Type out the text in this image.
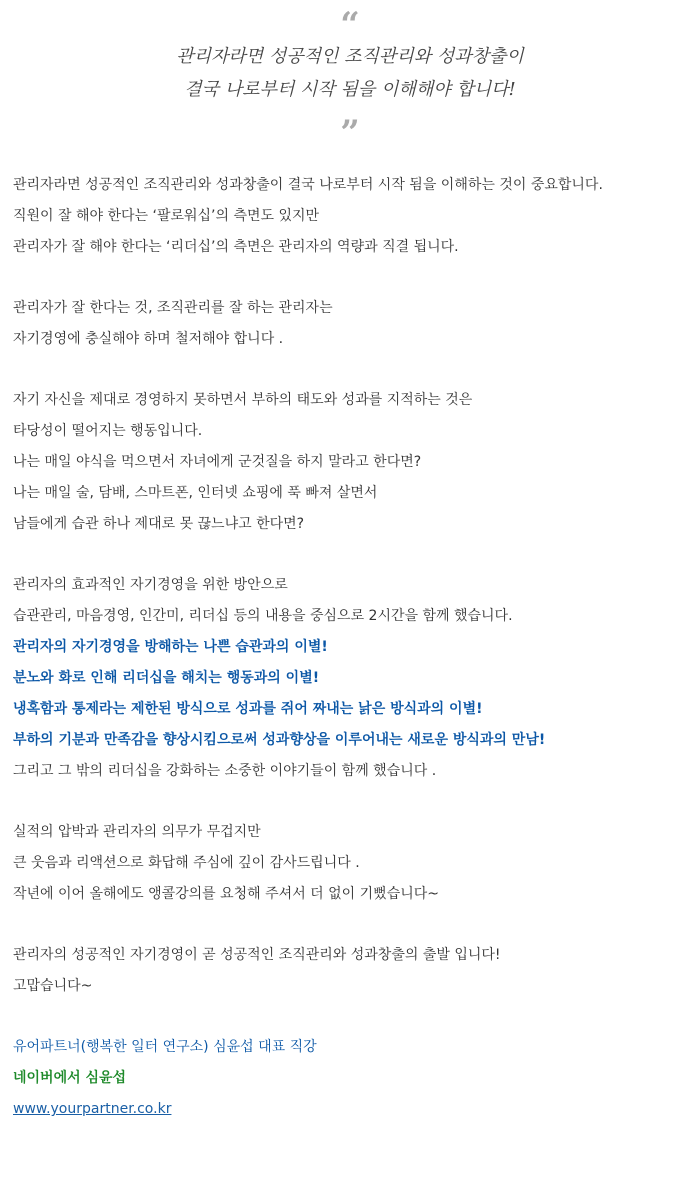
“
관리자라면 성공적인 조직관리와 성과창출이
결국 나로부터 시작 됨을 이해해야 합니다!
”
관리자라면 성공적인 조직관리와 성과창출이 결국 나로부터 시작 됨을 이해하는 것이 중요합니다.
직원이 잘 해야 한다는 ‘팔로워십’의 측면도 있지만
관리자가 잘 해야 한다는 ‘리더십’의 측면은 관리자의 역량과 직결 됩니다.
관리자가 잘 한다는 것, 조직관리를 잘 하는 관리자는
자기경영에 충실해야 하며 철저해야 합니다 .
자기 자신을 제대로 경영하지 못하면서 부하의 태도와 성과를 지적하는 것은
타당성이 떨어지는 행동입니다.
나는 매일 야식을 먹으면서 자녀에게 군것질을 하지 말라고 한다면?
나는 매일 술, 담배, 스마트폰, 인터넷 쇼핑에 푹 빠져 살면서
남들에게 습관 하나 제대로 못 끊느냐고 한다면?
관리자의 효과적인 자기경영을 위한 방안으로
습관관리, 마음경영, 인간미, 리더십 등의 내용을 중심으로 2시간을 함께 했습니다.
관리자의 자기경영을 방해하는 나쁜 습관과의 이별!
분노와 화로 인해 리더십을 해치는 행동과의 이별!
냉혹함과 통제라는 제한된 방식으로 성과를 쥐어 짜내는 낡은 방식과의 이별!
부하의 기분과 만족감을 향상시킴으로써 성과향상을 이루어내는 새로운 방식과의 만남!
그리고 그 밖의 리더십을 강화하는 소중한 이야기들이 함께 했습니다 .
실적의 압박과 관리자의 의무가 무겁지만
큰 웃음과 리액션으로 화답해 주심에 깊이 감사드립니다 .
작년에 이어 올해에도 앵콜강의를 요청해 주셔서 더 없이 기뻤습니다~
관리자의 성공적인 자기경영이 곧 성공적인 조직관리와 성과창출의 출발 입니다!
고맙습니다~
유어파트너(행복한 일터 연구소) 심윤섭 대표 직강
네이버에서 심윤섭
www.yourpartner.co.kr
